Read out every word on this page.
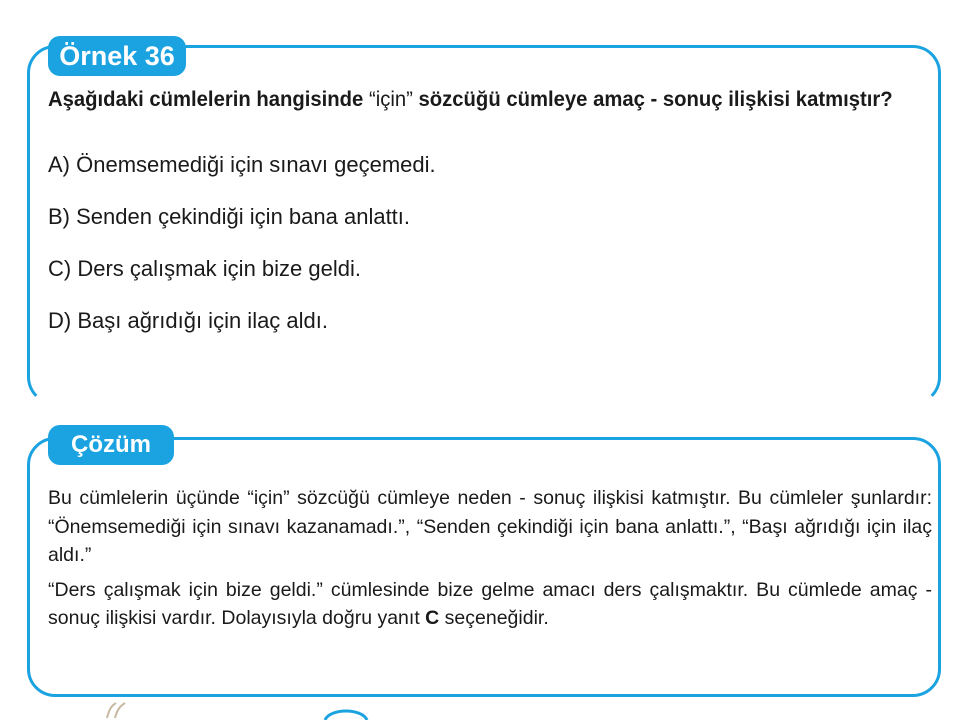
Örnek 36
Aşağıdaki cümlelerin hangisinde “için” sözcüğü cümleye amaç - sonuç ilişkisi katmıştır?
A) Önemsemediği için sınavı geçemedi.
B) Senden çekindiği için bana anlattı.
C) Ders çalışmak için bize geldi.
D) Başı ağrıdığı için ilaç aldı.
Çözüm

Bu cümlelerin üçünde “için” sözcüğü cümleye neden - sonuç ilişkisi katmıştır. Bu cümleler şunlardır: “Önemsemediği için sınavı kazanamadı.”, “Senden çekindiği için bana anlattı.”, “Başı ağrıdığı için ilaç aldı.”

“Ders çalışmak için bize geldi.” cümlesinde bize gelme amacı ders çalışmaktır. Bu cümlede amaç - sonuç ilişkisi vardır. Dolayısıyla doğru yanıt C seçeneğidir.
